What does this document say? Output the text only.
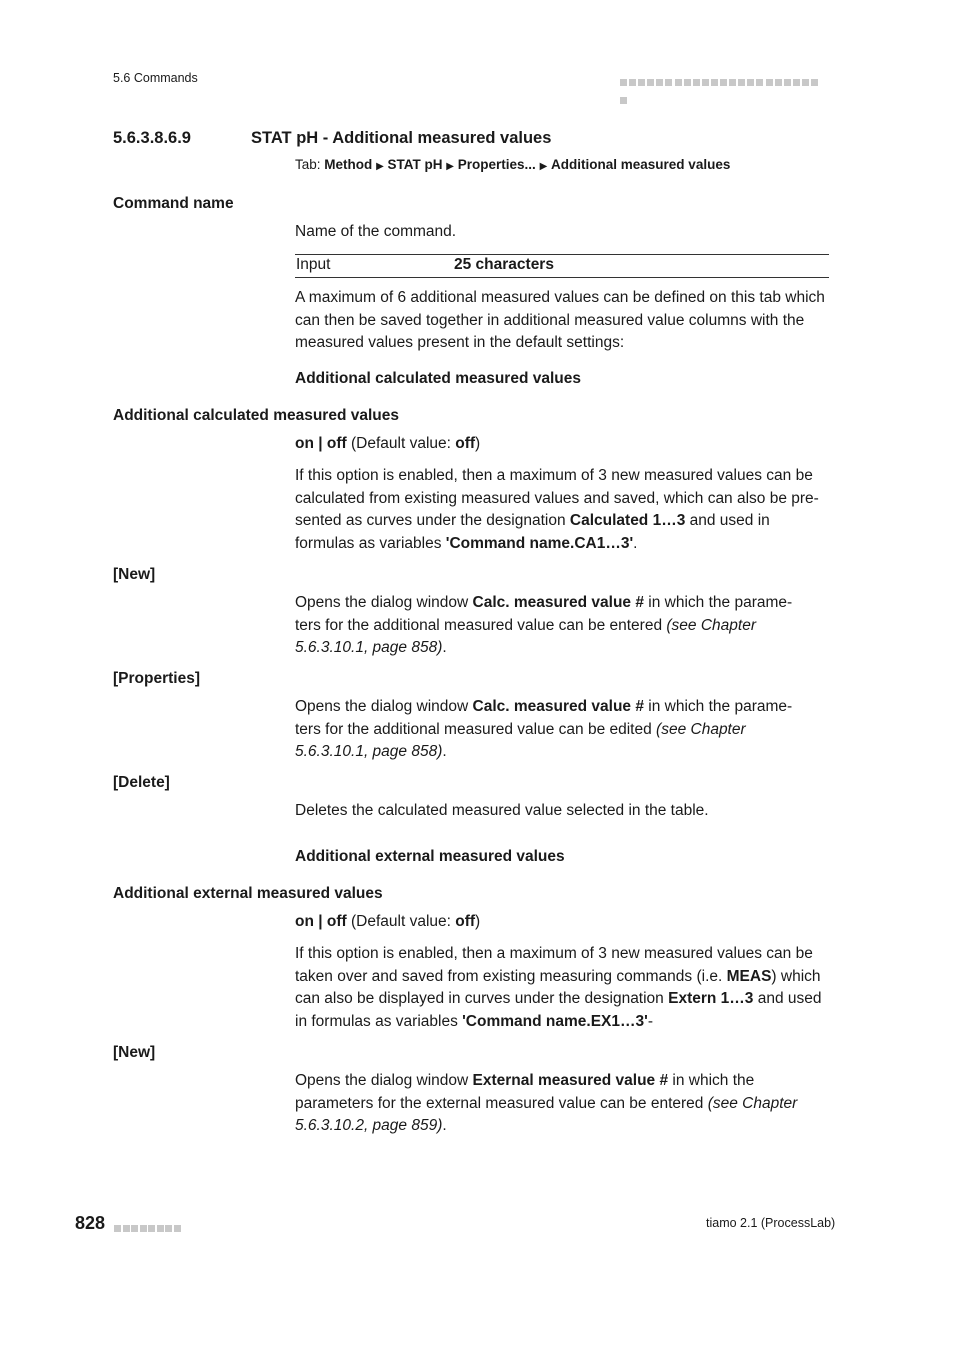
5.6 Commands
5.6.3.8.6.9	STAT pH - Additional measured values
Tab: Method ▶ STAT pH ▶ Properties... ▶ Additional measured values
Command name
Name of the command.
Input	25 characters
A maximum of 6 additional measured values can be defined on this tab which can then be saved together in additional measured value columns with the measured values present in the default settings:
Additional calculated measured values
Additional calculated measured values
on | off (Default value: off)
If this option is enabled, then a maximum of 3 new measured values can be calculated from existing measured values and saved, which can also be pre- sented as curves under the designation Calculated 1…3 and used in formulas as variables 'Command name.CA1…3'.
[New]
Opens the dialog window Calc. measured value # in which the parame-
ters for the additional measured value can be entered (see Chapter
5.6.3.10.1, page 858).
[Properties]
Opens the dialog window Calc. measured value # in which the parame-
ters for the additional measured value can be edited (see Chapter
5.6.3.10.1, page 858).
[Delete]
Deletes the calculated measured value selected in the table.
Additional external measured values
Additional external measured values
on | off (Default value: off)
If this option is enabled, then a maximum of 3 new measured values can be
taken over and saved from existing measuring commands (i.e. MEAS) which
can also be displayed in curves under the designation Extern 1…3 and used
in formulas as variables 'Command name.EX1…3'-
[New]
Opens the dialog window External measured value # in which the
parameters for the external measured value can be entered (see Chapter
5.6.3.10.2, page 859).
828	tiamo 2.1 (ProcessLab)
